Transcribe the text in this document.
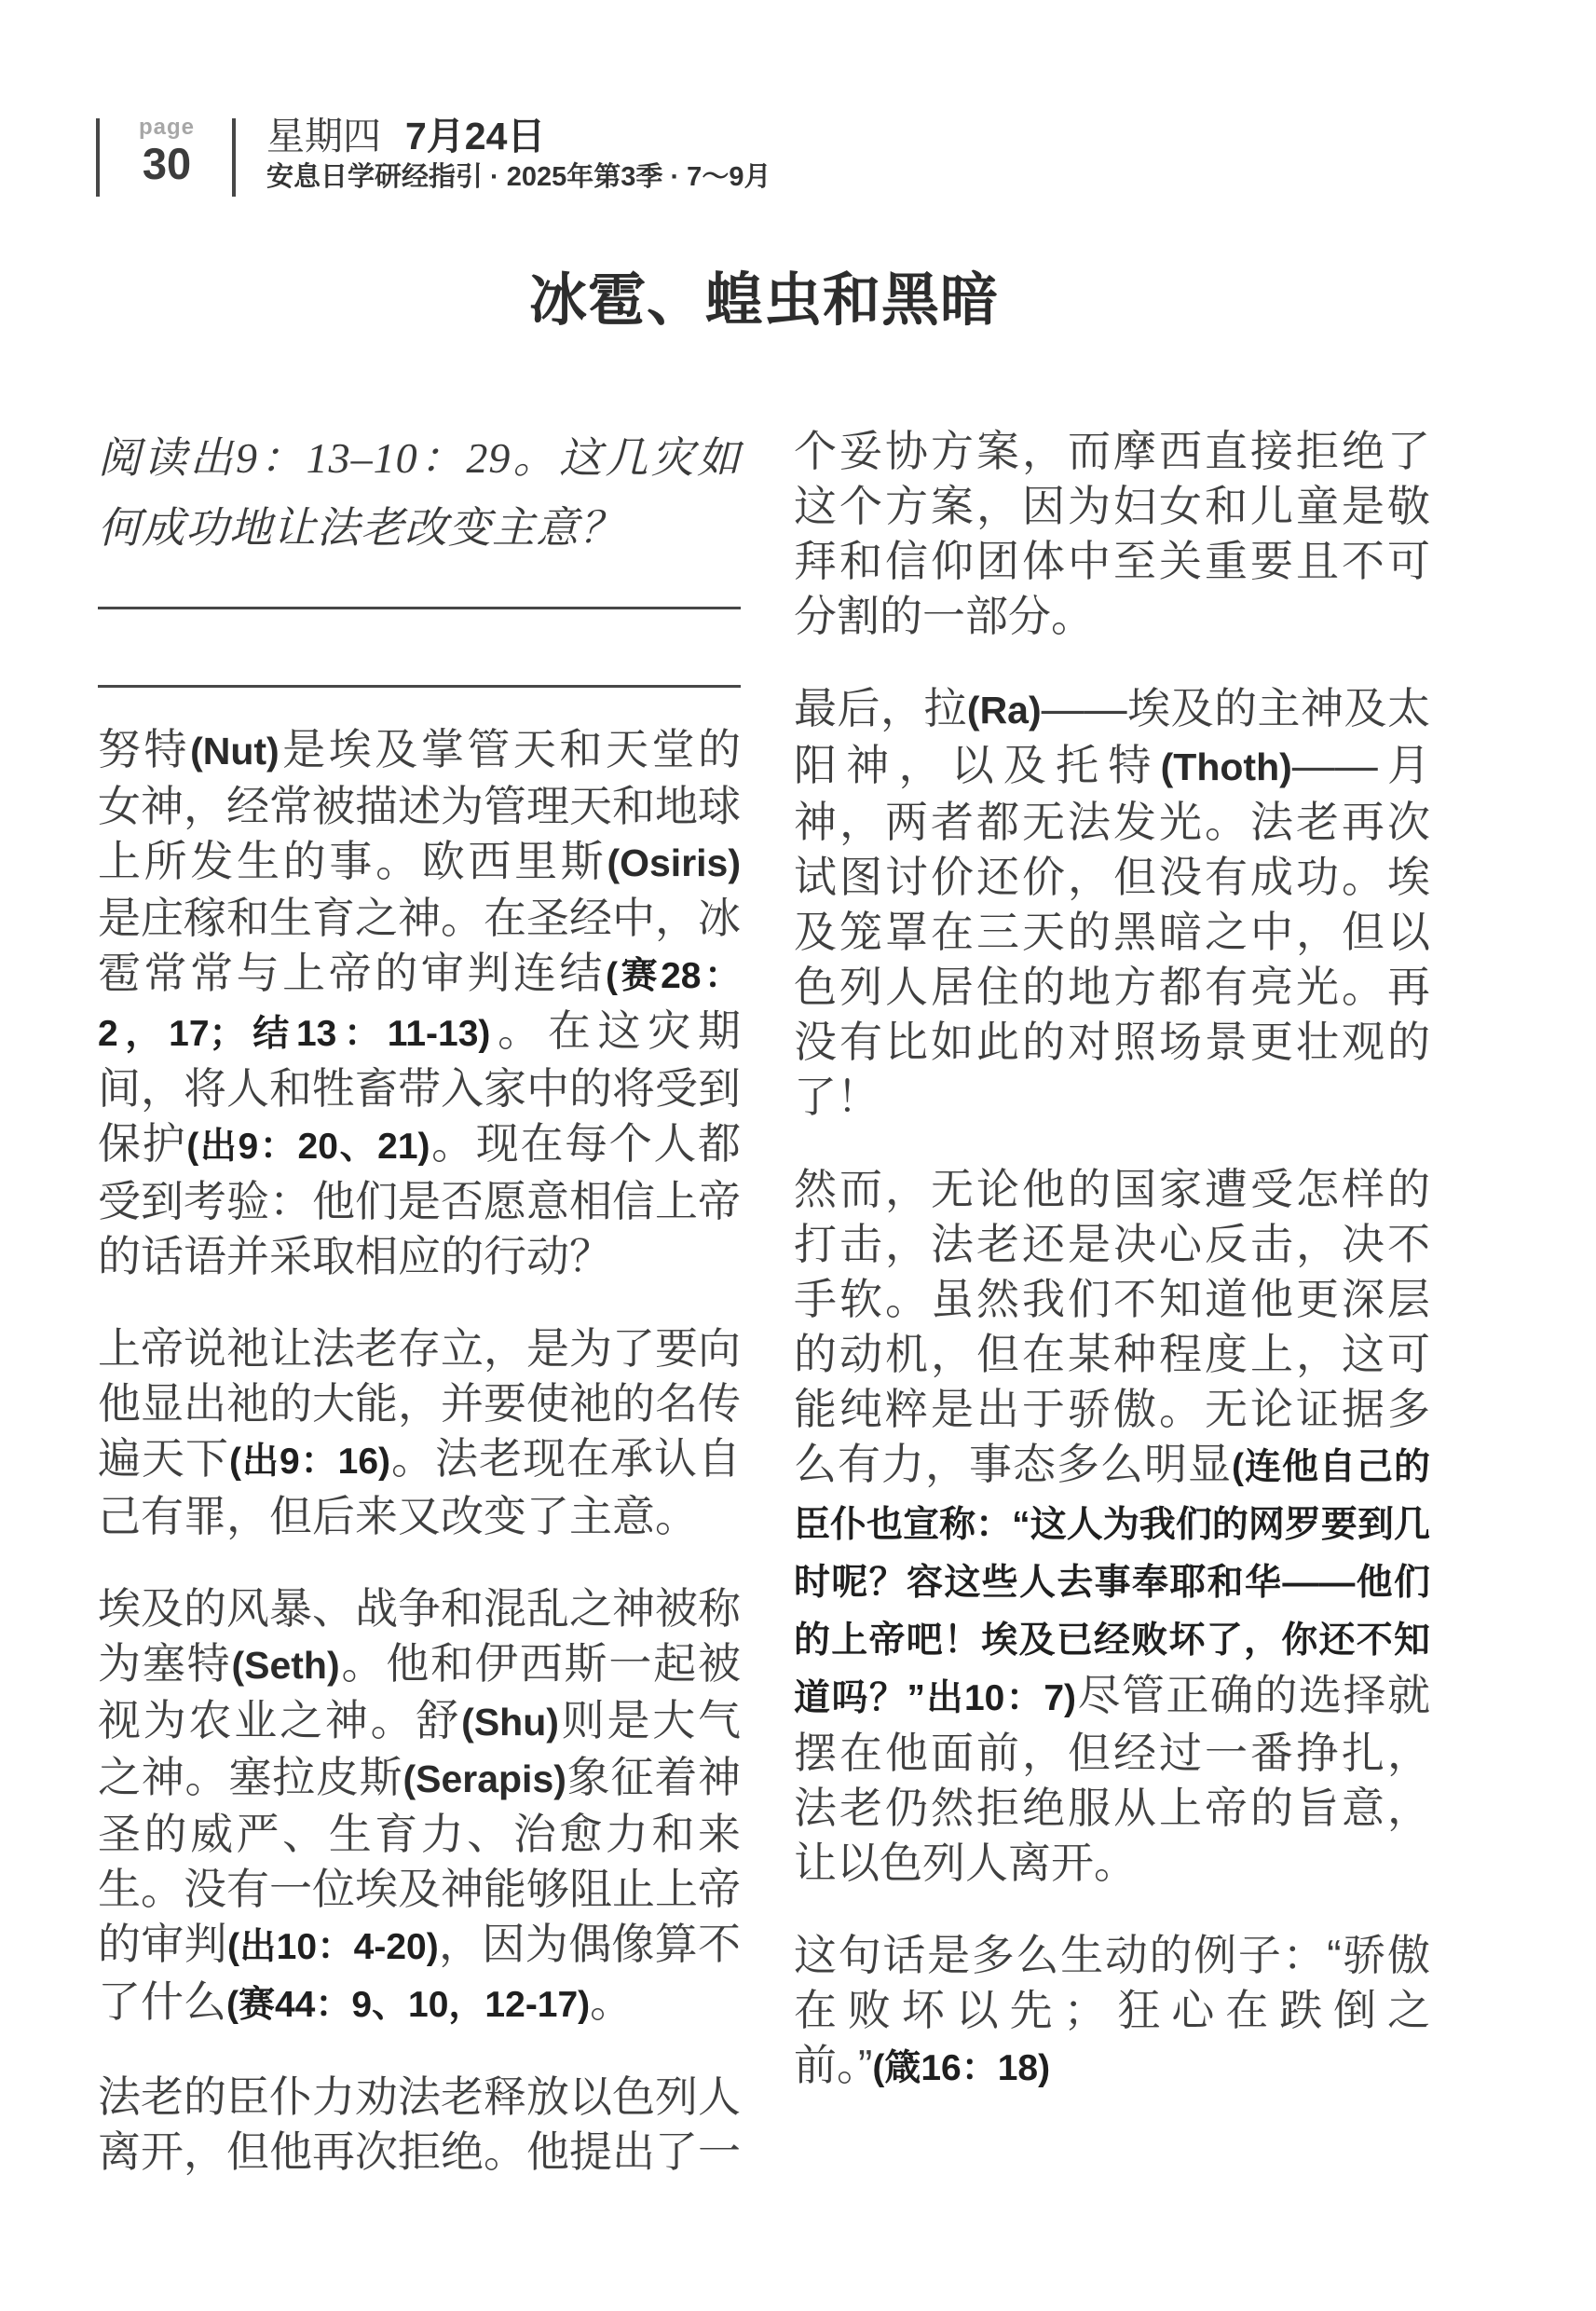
page
30
星期四 7月24日
安息日学研经指引 · 2025年第3季 · 7～9月
冰雹、蝗虫和黑暗

阅读出9：13–10：29。这几灾如何成功地让法老改变主意？

努特(Nut)是埃及掌管天和天堂的女神，经常被描述为管理天和地球上所发生的事。欧西里斯(Osiris)是庄稼和生育之神。在圣经中，冰雹常常与上帝的审判连结(赛28：2，17；结13：11-13)。在这灾期间，将人和牲畜带入家中的将受到保护(出9：20、21)。现在每个人都受到考验：他们是否愿意相信上帝的话语并采取相应的行动？

上帝说祂让法老存立，是为了要向他显出祂的大能，并要使祂的名传遍天下(出9：16)。法老现在承认自己有罪，但后来又改变了主意。

埃及的风暴、战争和混乱之神被称为塞特(Seth)。他和伊西斯一起被视为农业之神。舒(Shu)则是大气之神。塞拉皮斯(Serapis)象征着神圣的威严、生育力、治愈力和来生。没有一位埃及神能够阻止上帝的审判(出10：4-20)，因为偶像算不了什么(赛44：9、10，12-17)。

法老的臣仆力劝法老释放以色列人离开，但他再次拒绝。他提出了一

个妥协方案，而摩西直接拒绝了这个方案，因为妇女和儿童是敬拜和信仰团体中至关重要且不可分割的一部分。

最后，拉(Ra)——埃及的主神及太阳神，以及托特(Thoth)——月神，两者都无法发光。法老再次试图讨价还价，但没有成功。埃及笼罩在三天的黑暗之中，但以色列人居住的地方都有亮光。再没有比如此的对照场景更壮观的了！

然而，无论他的国家遭受怎样的打击，法老还是决心反击，决不手软。虽然我们不知道他更深层的动机，但在某种程度上，这可能纯粹是出于骄傲。无论证据多么有力，事态多么明显(连他自己的臣仆也宣称：“这人为我们的网罗要到几时呢？容这些人去事奉耶和华——他们的上帝吧！埃及已经败坏了，你还不知道吗？”出10：7)尽管正确的选择就摆在他面前，但经过一番挣扎，法老仍然拒绝服从上帝的旨意，让以色列人离开。

这句话是多么生动的例子：“骄傲在败坏以先；狂心在跌倒之前。”(箴16：18)
